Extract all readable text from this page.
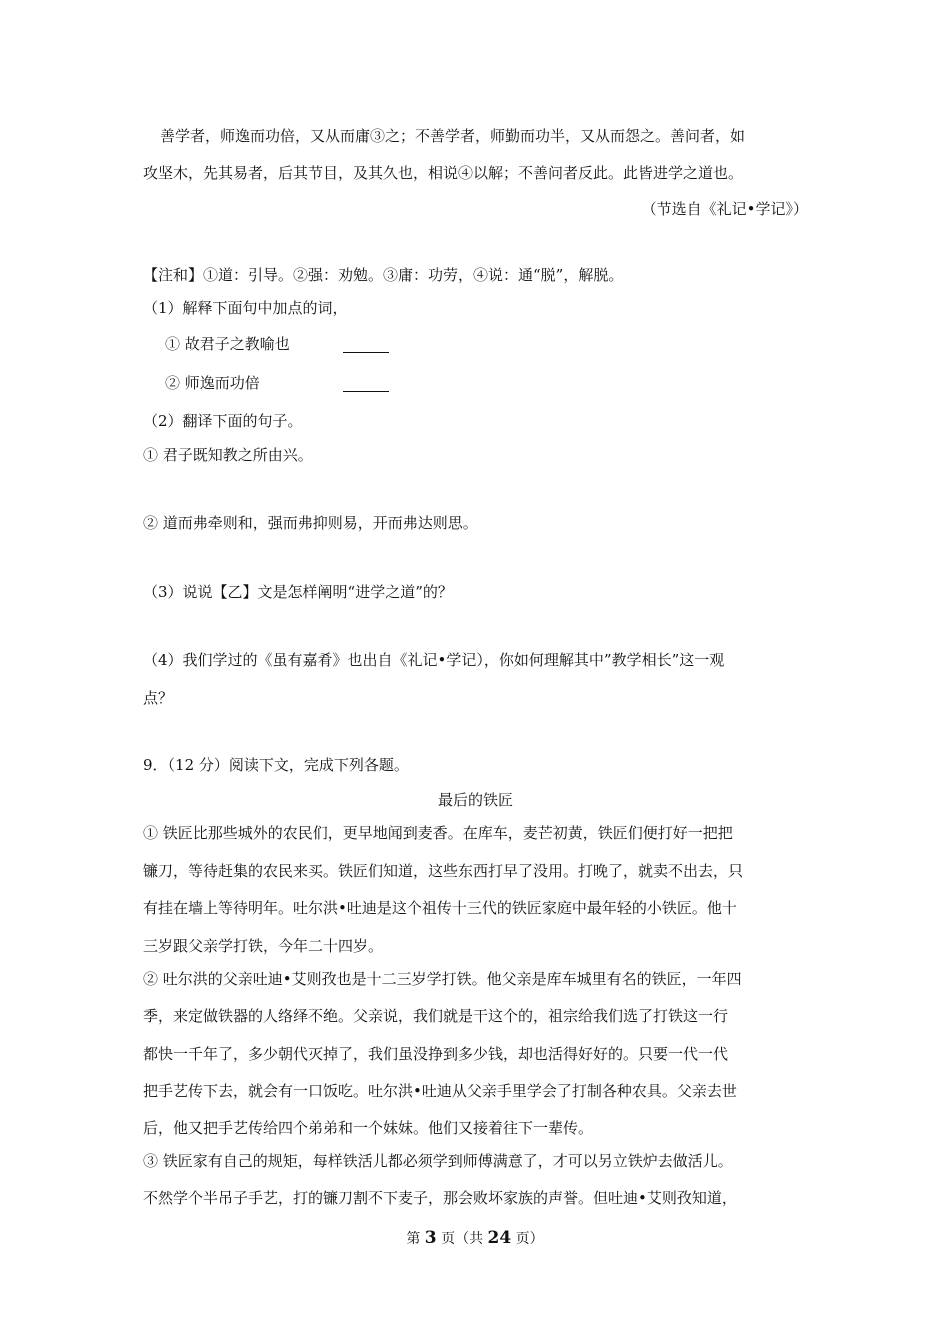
善学者，师逸而功倍，又从而庸③之；不善学者，师勤而功半，又从而怨之。善问者，如

攻坚木，先其易者，后其节目，及其久也，相说④以解；不善问者反此。此皆进学之道也。

（节选自《礼记•学记》）

【注和】①道：引导。②强：劝勉。③庸：功劳，④说：通“脱”，解脱。

（1）解释下面句中加点的词，

① 故君子之教喻也

② 师逸而功倍

（2）翻译下面的句子。

① 君子既知教之所由兴。

② 道而弗牵则和，强而弗抑则易，开而弗达则思。

（3）说说【乙】文是怎样阐明“进学之道”的？

（4）我们学过的《虽有嘉肴》也出自《礼记•学记），你如何理解其中”教学相长”这一观

点？

9．（12 分）阅读下文，完成下列各题。

最后的铁匠

① 铁匠比那些城外的农民们，更早地闻到麦香。在库车，麦芒初黄，铁匠们便打好一把把

镰刀，等待赶集的农民来买。铁匠们知道，这些东西打早了没用。打晚了，就卖不出去，只

有挂在墙上等待明年。吐尔洪•吐迪是这个祖传十三代的铁匠家庭中最年轻的小铁匠。他十

三岁跟父亲学打铁，今年二十四岁。

② 吐尔洪的父亲吐迪•艾则孜也是十二三岁学打铁。他父亲是库车城里有名的铁匠，一年四

季，来定做铁器的人络绎不绝。父亲说，我们就是干这个的，祖宗给我们选了打铁这一行

都快一千年了，多少朝代灭掉了，我们虽没挣到多少钱，却也活得好好的。只要一代一代

把手艺传下去，就会有一口饭吃。吐尔洪•吐迪从父亲手里学会了打制各种农具。父亲去世

后，他又把手艺传给四个弟弟和一个妹妹。他们又接着往下一辈传。

③ 铁匠家有自己的规矩，每样铁活儿都必须学到师傅满意了，才可以另立铁炉去做活儿。

不然学个半吊子手艺，打的镰刀割不下麦子，那会败坏家族的声誉。但吐迪•艾则孜知道，

第 3 页（共 24 页）
